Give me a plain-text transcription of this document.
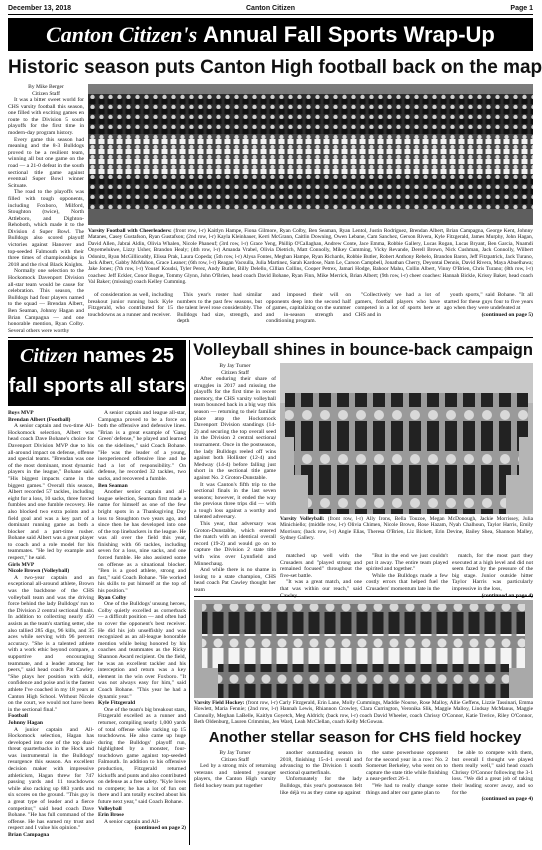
December 13, 2018	Canton Citizen	Page 1
Canton Citizen's Annual Fall Sports Wrap-Up
Historic season puts Canton High football back on the map
By Mike Berger
Citizen Staff

It was a bitter sweet world for CHS varsity football this season, one filled with exciting games en route to the Division 5 south playoffs for the first time in modern-day program history.

Every game this season had meaning and the 8-3 Bulldogs proved to be a resilient team, winning all but one game on the road — a 21-0 defeat in the south sectional title game against eventual Super Bowl winner Scituate.

The road to the playoffs was filled with tough opponents, including Foxboro, Milford, Stoughton (twice), North Attleboro, and Dighton-Rehoboth, which made it to the Division 4 Super Bowl. The Bulldogs also scored playoff victories against Hanover and top-seeded Falmouth with their three times of championships in 2018 and the rival Black Knights.

Normally one selection to the Hockomock Davenport Division all-star team would be cause for celebration. This season, the Bulldogs had four players named to the squad — Brendan Albert, Ben Seaman, Johnny Hagan and Brian Campagna — and one honorable mention, Ryan Colby. Several others were worthy

Varsity Football with Cheerleaders: (front row, l-r) Kaitlyn Hampe, Fiona Gilmore, Ryan Colby, Ben Seaman, Ryan Lentol, Justin Rodriguez, Brendan Albert, Brian Campagna, George Kent, Johnny Matanes, Casey Gustafson, Ryan Gustafson; (2nd row, l-r) Kayla Kleinhauer, Kerri McGrann, Caitlin Downing, Owen Lebane, Cam Sanchez, Gerson Rivera, Kyle Fitzgerald, James Murphy, John Hagan, David Allen, Jabrai Aldin, Olivia Whalen, Nicole Phaneuf; (3rd row, l-r) Grace Yeng, Phillip O'Callaghan, Andrew Conte, Jace Emma, Robbie Gallery, Lucas Rogan, Lucas Bryant, Ben Garcia, Nnamdi Onyemelukwe, Lizzy Usher, Brandon Healy; (4th row, l-r) Amanda Vrabel, Olivia Dietrich, Matt Connolly, Mikey Cumming, Vicky Revande, Derell Brown, Nick Cushman, Jack Connolly, Wilbert Odonitz, Ryan McGillicuddy, Elissa Prak, Laura Copeda; (5th row, l-r) Alysa Fontes, Meghan Hampe, Ryan Richards, Robbie Butler, Robert Anthony Rebelo, Brandon Baron, Jeff Fitzpatrick, Jack Turano, Jack Albert, Gabby McMahon, Grace Leaner; (6th row, l-r) Reagan Vacsulla, Julia Martinez, Sarah Kardose, Nam Le, Carson Campbell, Jonathan Cherry, Deyontai Dennis, David Rivera, Maya Abuelhawa; Jake Jones; (7th row, l-r) Yousef Koudsi, Tyler Perez, Andy Butler, Billy Delello, Cillian Collins, Cooper Petrex, Jamari Hodge, Bahoor Mahu, Collin Albert, Vinny O'Brien, Chris Turano; (8th row, l-r) coaches: Jeff Eckler, Conor Bogue, Tommy Glynn, John O'Brien, head coach David Bohane, Ryan Finn, Mike Merrick, Brian Albert; (9th row, l-r) cheer coaches: Hannah Bickle, Krissy Baker, head coach Val Baker; (missing) coach Kelley Cumming.

of consideration as well, including breakout junior running back Kyle Fitzgerald, who contributed for 15 touchdowns as a runner and receiver.

This year's roster had similar numbers to the past few seasons, but the talent level rose considerably. The Bulldogs had size, strength, and depth

and imposed their will on opponents deep into the second half of games, capitalizing on the summer and in-season strength and conditioning program.

"Collectively we had a lot of gamers, football players who have competed in a lot of sports here at CHS and in

youth sports," said Bohane. "It all started for these guys four to five years ago when they were undefeated at

(continued on page 5)

Citizen names 25
fall sports all stars

Boys MVP

Brendan Albert (Football)

A senior captain and two-time All-Hockomock selection, Albert was head coach Dave Bohane's choice for Davenport Division MVP due to his all-around impact on defense, offense and special teams. "Brendan was one of the most dominant, most dynamic players in the league," Bohane said. "His biggest impacts came in the biggest games." Overall this season, Albert recorded 57 tackles, including eight for a loss, 10 sacks, three forced fumbles and one fumble recovery. He also blocked two extra points and a field goal and was a key part of a dominant running game as both a blocker and a part-time rusher. Bohane said Albert was a great player to coach and a role model for his teammates. "He led by example and respect," he said.

Girls MVP

Nicole Brown (Volleyball)

A two-year captain and an exceptional all-around athlete, Brown was the backbone of the CHS volleyball team and was the driving force behind the lady Bulldogs' run to the Division 2 central sectional finals. In addition to collecting nearly 450 assists as the team's starting setter, she also tallied 285 digs, 96 kills, and 35 aces while serving with 96 percent accuracy. "She is a talented athlete with a work ethic beyond compare, a supportive and encouraging teammate, and a leader among her peers," said head coach Pat Cawley. "She plays her position with skill, confidence and poise and is the fastest athlete I've coached in my 18 years at Canton High School. Without Nicole on the court, we would not have been in the sectional final."

Football

Johnny Hagan

A junior captain and All-Hockomock selection, Hagan has developed into one of the top dual-threat quarterbacks in the Hock and was instrumental in the Bulldogs' resurgence this season. An excellent decision maker with impressive athleticism, Hagan threw for 747 passing yards and 11 touchdowns while also racking up 883 yards and six scores on the ground. "This guy is a great type of leader and a fierce competitor," said head coach Dave Bohane. "He has full command of the offense. He has earned my trust and respect and I value his opinion."

Brian Campagna

A senior captain and league all-star, Campagna proved to be a force on both the offensive and defensive lines. "Brian is a great example of 'Gang Green' defense," he played and learned on the sidelines," said Coach Bohane. "He was the leader of a young, inexperienced offensive line and he had a lot of responsibility." On defense, he recorded 32 tackles, two sacks, and recovered a fumble.

Ben Seaman

Another senior captain and all-league selection, Seaman first made a name for himself as one of the few bright spots in a Thanksgiving Day loss to Stoughton two years ago, and since then he has developed into one of the top linebackers in the league. He was all over the field this year, finishing with 66 tackles, including seven for a loss, nine sacks, and one forced fumble. He also assisted some on offense as a situational blocker. "Ben is a good athlete, strong and fast," said Coach Bohane. "He worked his skills to put himself at the top of his position."

Ryan Colby

One of the Bulldogs' unsung heroes, Colby quietly excelled as cornerback — a difficult position — and often had to cover the opponent's best receiver. He did his job unselfishly and was recognized as an all-league honorable mention while being honored by his coaches and teammates as the Ricky Shannon Award recipient. On the field, he was an excellent tackler and his interception and return was a key element in the win over Foxboro. "It was not always easy for him," said Coach Bohane. "This year he had a dynamic year."

Kyle Fitzgerald

One of the team's big breakout stars, Fitzgerald excelled as a runner and returner, compiling nearly 1,000 yards of total offense while racking up 15 touchdowns. He also came up huge during the Bulldogs' playoff run, highlighted by a monster, four-touchdown game against top-seeded Falmouth. In addition to his offensive production, Fitzgerald returned kickoffs and punts and also contributed on defense as a free safety. "Kyle loves to compete; he has a lot of fun out there and I am totally excited about his future next year," said Coach Bohane.

Volleyball

Erin Brose

A senior captain and All-

(continued on page 2)

Volleyball shines in bounce-back campaign
By Jay Turner
Citizen Staff

After enduring their share of struggles in 2017 and missing the playoffs for the first time in recent memory, the CHS varsity volleyball team bounced back in a big way this season — returning to their familiar place atop the Hockomock Davenport Division standings (14-2) and securing the top overall seed in the Division 2 central sectional tournament. Once in the postseason, the lady Bulldogs reeled off wins against both Hollister (12-4) and Medway (14-4) before falling just short in the sectional title game against No. 2 Groton-Dunstable.

It was Canton's fifth trip to the sectional finals in the last seven seasons; however, it ended the way the previous three trips did — with a tough loss against a worthy and talented adversary.

This year, that adversary was Groton-Dunstable, which entered the match with an identical overall record (19-2) and would go on to capture the Division 2 state title with wins over Lynnfield and Minnechaug.

And while there is no shame in losing to a state champion, CHS head coach Pat Cawley thought her team

Varsity Volleyball: (front row, l-r) Ally Irons, Bella Touzoe, Megan McDonough, Jackie Morrissey, Julia Minichiello; (middle row, l-r) Olivia Chimen, Nicole Brown, Rose Hazam, Nyah Chalhoun, Taylor Harris, Emily Morrison; (back row, l-r) Angie Elias, Theresa O'Brien, Liz Bickett, Erin Devine, Bailey Shea, Shannon Malley, Sydney Gallery.

matched up well with the Crusaders and "played strong and remained focused" throughout the five-set battle.

"It was a great match, and one that was within our reach," said

"But in the end we just couldn't put it away. The entire team played spirited and together."

While the Bulldogs made a few costly errors that helped fuel the Crusaders' momentum late in the

match, for the most part they executed at a high level and did not seem fazed by the pressure of the big stage. Junior outside hitter Taylor Harris was particularly impressive in the loss,

Varsity Field Hockey: (front row, l-r) Carly Fitzgerald, Erin Lane, Molly Cummings, Maddie Nourse, Rose Malloy, Allie Geffens, Lizzie Tassinari, Emma Howlett, Maria Fennie; (2nd row, l-r) Hannah Lewis, Rhiannon Crowley, Clara Currington, Veronika Slik, Maggie Malloy, Lindsay McManus, Maggie Connolly, Meghan LaBelle, Kaitlyn Goyetch, Meg Aldrich; (back row, l-r) coach David Wheeler, coach Chrissy O'Connor, Katie Trerice, Riley O'Connor, Beth Oldenburg, Lauren Crimmins, Jen Ward, Leah McClellan, coach Kelly McGowan.
Another stellar season for CHS field hockey
By Jay Turner
Citizen Staff

Led by a strong mix of returning veterans and talented younger players, the Canton High varsity field hockey team put together

another outstanding season in 2018, finishing 15-4-1 overall and advancing to the Division 1 south sectional quarterfinals.

Unfortunately for the lady Bulldogs, this year's postseason felt like déjà vu as they came up against

the same powerhouse opponent for the second year in a row: No. 2 Somerset Berkeley, who went on to capture the state title while finishing a near-perfect 26-1.

"We had to really change some things and alter our game plan to

be able to compete with them, but overall I thought we played them really well," said head coach Chrissy O'Connor following the 3-1 loss. "We did a great job of taking their leading scorer away, and so for the

(continued on page 4)
